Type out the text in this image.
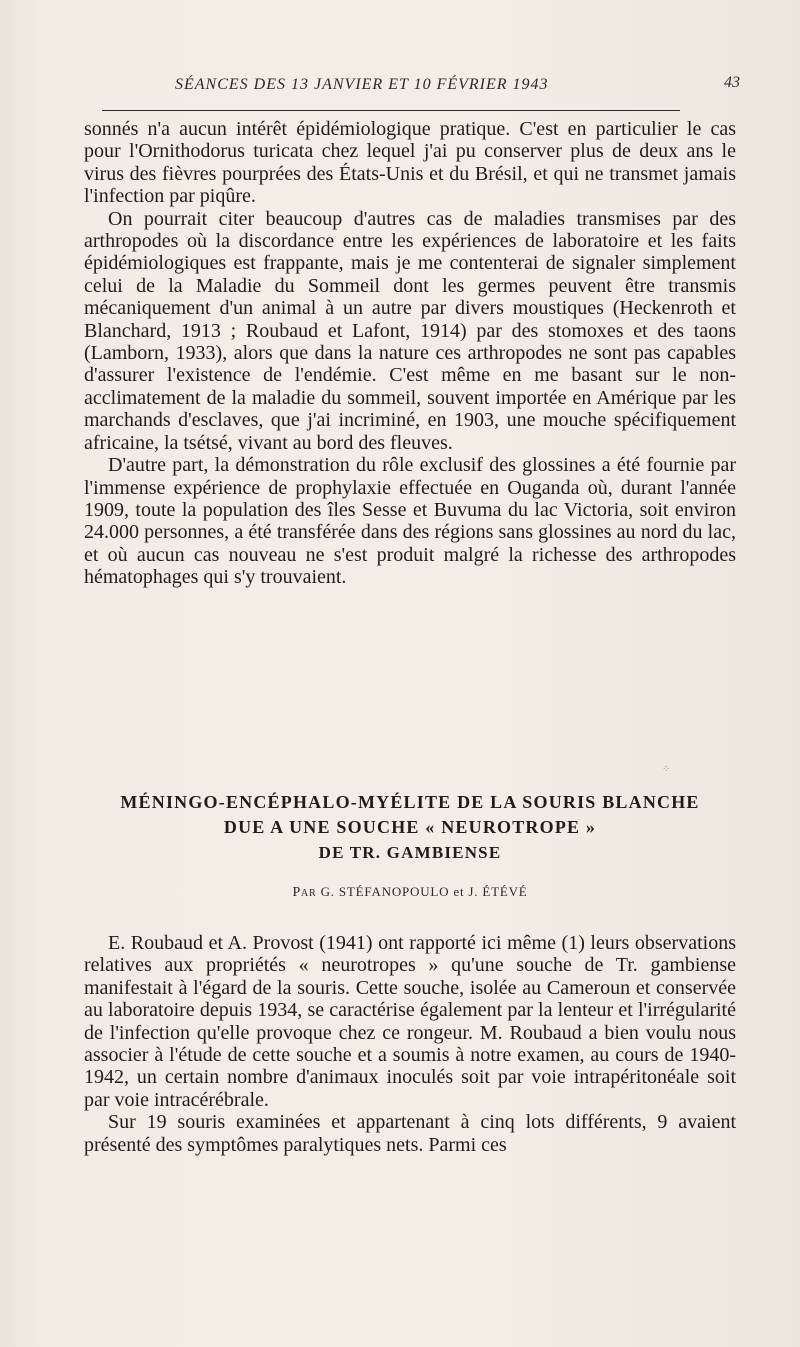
SÉANCES DES 13 JANVIER ET 10 FÉVRIER 1943	43

sonnés n'a aucun intérêt épidémiologique pratique. C'est en particulier le cas pour l'Ornithodorus turicata chez lequel j'ai pu conserver plus de deux ans le virus des fièvres pourprées des États-Unis et du Brésil, et qui ne transmet jamais l'infection par piqûre.

On pourrait citer beaucoup d'autres cas de maladies transmises par des arthropodes où la discordance entre les expériences de laboratoire et les faits épidémiologiques est frappante, mais je me contenterai de signaler simplement celui de la Maladie du Sommeil dont les germes peuvent être transmis mécaniquement d'un animal à un autre par divers moustiques (Heckenroth et Blanchard, 1913 ; Roubaud et Lafont, 1914) par des stomoxes et des taons (Lamborn, 1933), alors que dans la nature ces arthropodes ne sont pas capables d'assurer l'existence de l'endémie. C'est même en me basant sur le non-acclimatement de la maladie du sommeil, souvent importée en Amérique par les marchands d'esclaves, que j'ai incriminé, en 1903, une mouche spécifiquement africaine, la tsétsé, vivant au bord des fleuves.

D'autre part, la démonstration du rôle exclusif des glossines a été fournie par l'immense expérience de prophylaxie effectuée en Ouganda où, durant l'année 1909, toute la population des îles Sesse et Buvuma du lac Victoria, soit environ 24.000 personnes, a été transférée dans des régions sans glossines au nord du lac, et où aucun cas nouveau ne s'est produit malgré la richesse des arthropodes hématophages qui s'y trouvaient.

MÉNINGO-ENCÉPHALO-MYÉLITE DE LA SOURIS BLANCHE
DUE A UNE SOUCHE « NEUROTROPE »
DE TR. GAMBIENSE
Par G. STÉFANOPOULO et J. ÉTÉVÉ

E. Roubaud et A. Provost (1941) ont rapporté ici même (1) leurs observations relatives aux propriétés « neurotropes » qu'une souche de Tr. gambiense manifestait à l'égard de la souris. Cette souche, isolée au Cameroun et conservée au laboratoire depuis 1934, se caractérise également par la lenteur et l'irrégularité de l'infection qu'elle provoque chez ce rongeur. M. Roubaud a bien voulu nous associer à l'étude de cette souche et a soumis à notre examen, au cours de 1940-1942, un certain nombre d'animaux inoculés soit par voie intrapéritonéale soit par voie intracérébrale.

Sur 19 souris examinées et appartenant à cinq lots différents, 9 avaient présenté des symptômes paralytiques nets. Parmi ces

⁘
